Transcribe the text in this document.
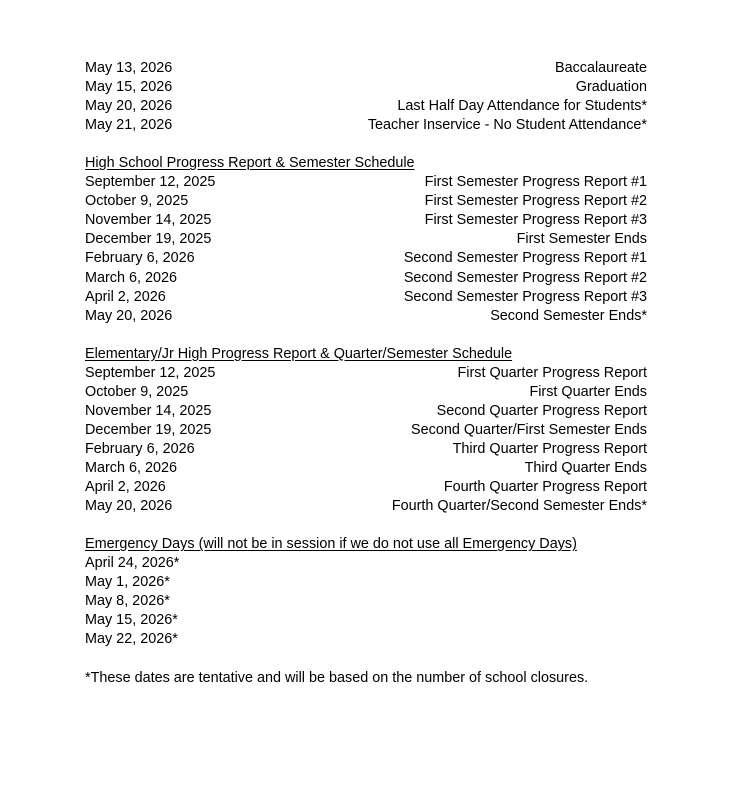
May 13, 2026	Baccalaureate
May 15, 2026	Graduation
May 20, 2026	Last Half Day Attendance for Students*
May 21, 2026	Teacher Inservice - No Student Attendance*
High School Progress Report & Semester Schedule
September 12, 2025	First Semester Progress Report #1
October 9, 2025	First Semester Progress Report #2
November 14, 2025	First Semester Progress Report #3
December 19, 2025	First Semester Ends
February 6, 2026	Second Semester Progress Report #1
March 6, 2026	Second Semester Progress Report #2
April 2, 2026	Second Semester Progress Report #3
May 20, 2026	Second Semester Ends*
Elementary/Jr High Progress Report & Quarter/Semester Schedule
September 12, 2025	First Quarter Progress Report
October 9, 2025	First Quarter Ends
November 14, 2025	Second Quarter Progress Report
December 19, 2025	Second Quarter/First Semester Ends
February 6, 2026	Third Quarter Progress Report
March 6, 2026	Third Quarter Ends
April 2, 2026	Fourth Quarter Progress Report
May 20, 2026	Fourth Quarter/Second Semester Ends*
Emergency Days (will not be in session if we do not use all Emergency Days)
April 24, 2026*
May 1, 2026*
May 8, 2026*
May 15, 2026*
May 22, 2026*
*These dates are tentative and will be based on the number of school closures.
